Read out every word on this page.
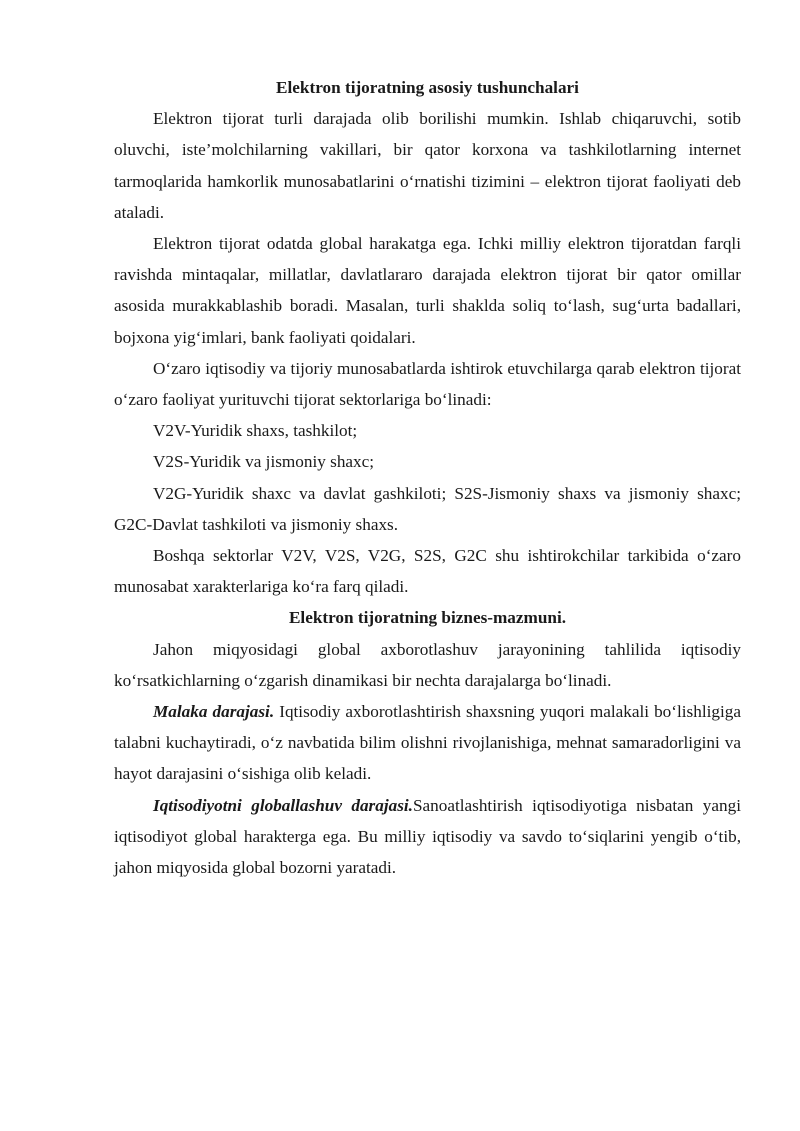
Elektron tijoratning asosiy tushunchalari

Elektron tijorat turli darajada olib borilishi mumkin. Ishlab chiqaruvchi, sotib oluvchi, iste’molchilarning vakillari, bir qator korxona va tashkilotlarning internet tarmoqlarida hamkorlik munosabatlarini o‘rnatishi tizimini – elektron tijorat faoliyati deb ataladi.

Elektron tijorat odatda global harakatga ega. Ichki milliy elektron tijoratdan farqli ravishda mintaqalar, millatlar, davlatlararo darajada elektron tijorat bir qator omillar asosida murakkablashib boradi. Masalan, turli shaklda soliq to‘lash, sug‘urta badallari, bojxona yig‘imlari, bank faoliyati qoidalari.

O‘zaro iqtisodiy va tijoriy munosabatlarda ishtirok etuvchilarga qarab elektron tijorat o‘zaro faoliyat yurituvchi tijorat sektorlariga bo‘linadi:

V2V-Yuridik shaxs, tashkilot;

V2S-Yuridik va jismoniy shaxc;

V2G-Yuridik shaxc va davlat gashkiloti; S2S-Jismoniy shaxs va jismoniy shaxc; G2C-Davlat tashkiloti va jismoniy shaxs.

Boshqa sektorlar V2V, V2S, V2G, S2S, G2C shu ishtirokchilar tarkibida o‘zaro munosabat xarakterlariga ko‘ra farq qiladi.

Elektron tijoratning biznes-mazmuni.

Jahon miqyosidagi global axborotlashuv jarayonining tahlilida iqtisodiy ko‘rsatkichlarning o‘zgarish dinamikasi bir nechta darajalarga bo‘linadi.

Malaka darajasi. Iqtisodiy axborotlashtirish shaxsning yuqori malakali bo‘lishligiga talabni kuchaytiradi, o‘z navbatida bilim olishni rivojlanishiga, mehnat samaradorligini va hayot darajasini o‘sishiga olib keladi.

Iqtisodiyotni globallashuv darajasi.Sanoatlashtirish iqtisodiyotiga nisbatan yangi iqtisodiyot global harakterga ega. Bu milliy iqtisodiy va savdo to‘siqlarini yengib o‘tib, jahon miqyosida global bozorni yaratadi.
